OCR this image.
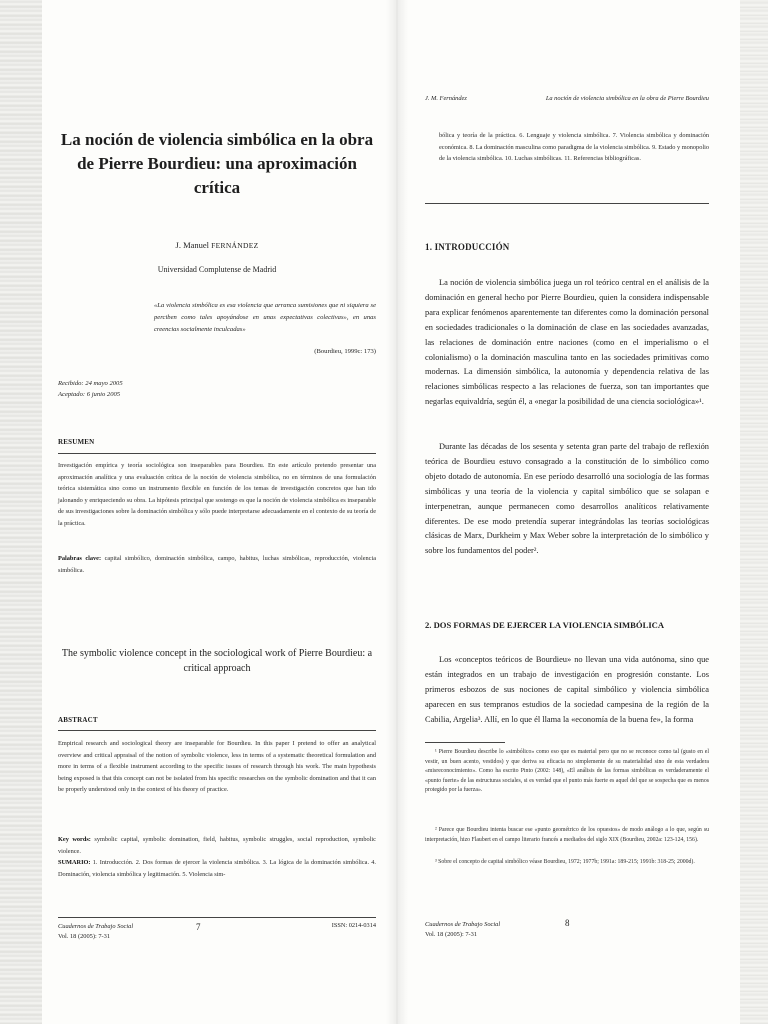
La noción de violencia simbólica en la obra de Pierre Bourdieu: una aproximación crítica
J. Manuel FERNÁNDEZ
Universidad Complutense de Madrid

«La violencia simbólica es esa violencia que arranca sumisiones que ni siquiera se perciben como tales apoyándose en unas expectativas colectivas», en unas creencias socialmente inculcadas»

(Bourdieu, 1999c: 173)
Recibido: 24 mayo 2005
Aceptado: 6 junio 2005
RESUMEN

Investigación empírica y teoría sociológica son inseparables para Bourdieu. En este artículo pretendo presentar una aproximación analítica y una evaluación crítica de la noción de violencia simbólica, no en términos de una formulación teórica sistemática sino como un instrumento flexible en función de los temas de investigación concretos que han ido jalonando y enriqueciendo su obra. La hipótesis principal que sostengo es que la noción de violencia simbólica es inseparable de sus investigaciones sobre la dominación simbólica y sólo puede interpretarse adecuadamente en el contexto de su teoría de la práctica.

Palabras clave: capital simbólico, dominación simbólica, campo, habitus, luchas simbólicas, reproducción, violencia simbólica.

The symbolic violence concept in the sociological work of Pierre Bourdieu: a critical approach
ABSTRACT

Empirical research and sociological theory are inseparable for Bourdieu. In this paper I pretend to offer an analytical overview and critical appraisal of the notion of symbolic violence, less in terms of a systematic theoretical formulation and more in terms of a flexible instrument according to the specific issues of research through his work. The main hypothesis being exposed is that this concept can not be isolated from his specific researches on the symbolic domination and that it can be properly understood only in the context of his theory of practice.

Key words: symbolic capital, symbolic domination, field, habitus, symbolic struggles, social reproduction, symbolic violence.

SUMARIO: 1. Introducción. 2. Dos formas de ejercer la violencia simbólica. 3. La lógica de la dominación simbólica. 4. Dominación, violencia simbólica y legitimación. 5. Violencia sim-

Cuadernos de Trabajo Social
Vol. 18 (2005): 7-31
7	ISSN: 0214-0314
J. M. Fernández	La noción de violencia simbólica en la obra de Pierre Bourdieu

bólica y teoría de la práctica. 6. Lenguaje y violencia simbólica. 7. Violencia simbólica y dominación económica. 8. La dominación masculina como paradigma de la violencia simbólica. 9. Estado y monopolio de la violencia simbólica. 10. Luchas simbólicas. 11. Referencias bibliográficas.

1. INTRODUCCIÓN

La noción de violencia simbólica juega un rol teórico central en el análisis de la dominación en general hecho por Pierre Bourdieu, quien la considera indispensable para explicar fenómenos aparentemente tan diferentes como la dominación personal en sociedades tradicionales o la dominación de clase en las sociedades avanzadas, las relaciones de dominación entre naciones (como en el imperialismo o el colonialismo) o la dominación masculina tanto en las sociedades primitivas como modernas. La dimensión simbólica, la autonomía y dependencia relativa de las relaciones simbólicas respecto a las relaciones de fuerza, son tan importantes que negarlas equivaldría, según él, a «negar la posibilidad de una ciencia sociológica»¹.

Durante las décadas de los sesenta y setenta gran parte del trabajo de reflexión teórica de Bourdieu estuvo consagrado a la constitución de lo simbólico como objeto dotado de autonomía. En ese período desarrolló una sociología de las formas simbólicas y una teoría de la violencia y capital simbólico que se solapan e interpenetran, aunque permanecen como desarrollos analíticos relativamente diferentes. De ese modo pretendía superar integrándolas las teorías sociológicas clásicas de Marx, Durkheim y Max Weber sobre la interpretación de lo simbólico y sobre los fundamentos del poder².

2. DOS FORMAS DE EJERCER LA VIOLENCIA SIMBÓLICA

Los «conceptos teóricos de Bourdieu» no llevan una vida autónoma, sino que están integrados en un trabajo de investigación en progresión constante. Los primeros esbozos de sus nociones de capital simbólico y violencia simbólica aparecen en sus tempranos estudios de la sociedad campesina de la región de la Cabilia, Argelia³. Allí, en lo que él llama la «economía de la buena fe», la forma

¹ Pierre Bourdieu describe lo «simbólico» como eso que es material pero que no se reconoce como tal (gusto en el vestir, un buen acento, vestidos) y que deriva su eficacia no simplemente de su materialidad sino de esta verdadera «misreconocimiento». Como ha escrito Pinto (2002: 148), «El análisis de las formas simbólicas es verdaderamente el «punto fuerte» de las estructuras sociales, si es verdad que el punto más fuerte es aquel del que se sospecha que es menos protegido por la fuerza».

² Parece que Bourdieu intenta buscar ese «punto geométrico de los opuestos» de modo análogo a lo que, según su interpretación, hizo Flaubert en el campo literario francés a mediados del siglo XIX (Bourdieu, 2002a: 123-124, 156).

³ Sobre el concepto de capital simbólico véase Bourdieu, 1972; 1977b; 1991a: 189-215; 1991b: 318-25; 2000d).

Cuadernos de Trabajo Social
Vol. 18 (2005): 7-31
8
